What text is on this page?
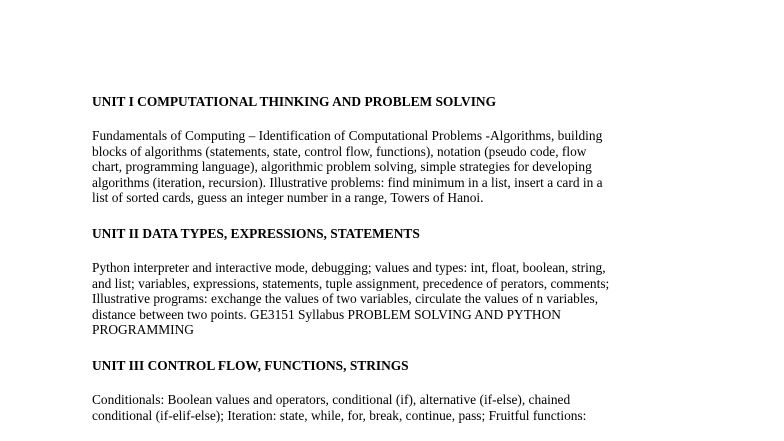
UNIT I COMPUTATIONAL THINKING AND PROBLEM SOLVING

Fundamentals of Computing – Identification of Computational Problems -Algorithms, building
blocks of algorithms (statements, state, control flow, functions), notation (pseudo code, flow
chart, programming language), algorithmic problem solving, simple strategies for developing
algorithms (iteration, recursion). Illustrative problems: find minimum in a list, insert a card in a
list of sorted cards, guess an integer number in a range, Towers of Hanoi.

UNIT II DATA TYPES, EXPRESSIONS, STATEMENTS

Python interpreter and interactive mode, debugging; values and types: int, float, boolean, string,
and list; variables, expressions, statements, tuple assignment, precedence of perators, comments;
Illustrative programs: exchange the values of two variables, circulate the values of n variables,
distance between two points. GE3151 Syllabus PROBLEM SOLVING AND PYTHON
PROGRAMMING

UNIT III CONTROL FLOW, FUNCTIONS, STRINGS

Conditionals: Boolean values and operators, conditional (if), alternative (if-else), chained
conditional (if-elif-else); Iteration: state, while, for, break, continue, pass; Fruitful functions:
